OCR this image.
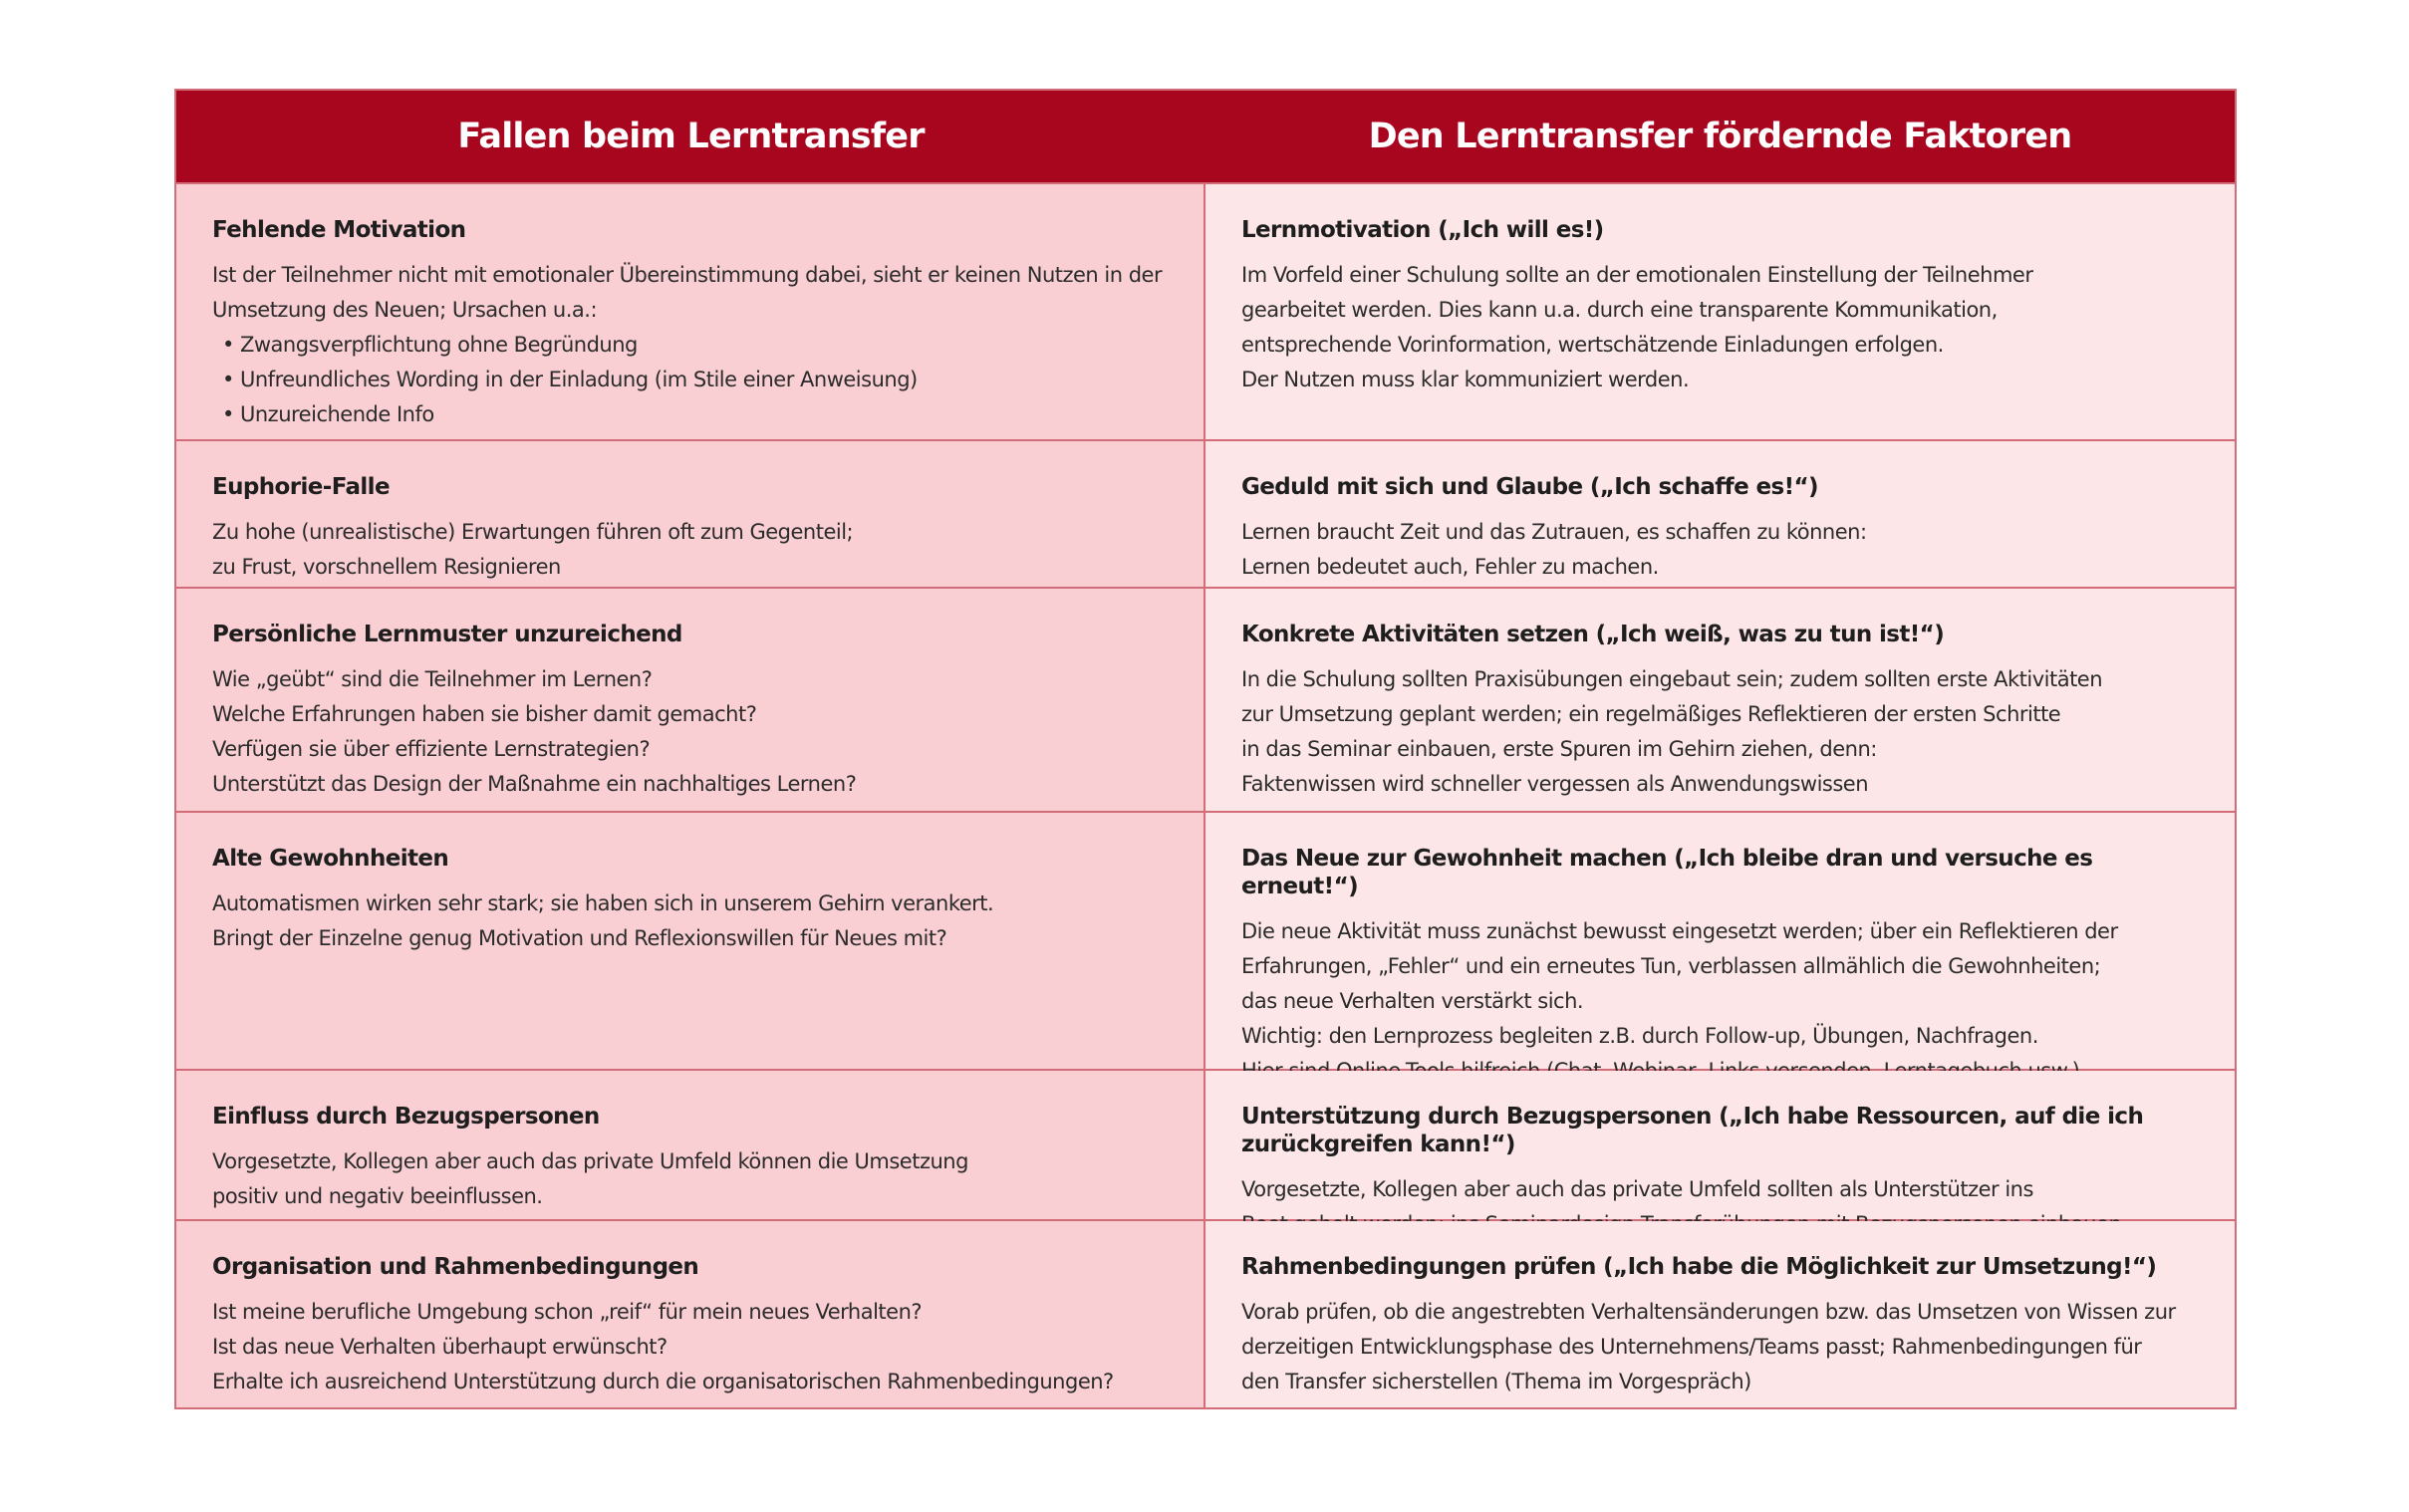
Fallen beim Lerntransfer	Den Lerntransfer fördernde Faktoren
Fehlende Motivation
Ist der Teilnehmer nicht mit emotionaler Übereinstimmung dabei, sieht er keinen Nutzen in der
Umsetzung des Neuen; Ursachen u.a.:
• Zwangsverpflichtung ohne Begründung
• Unfreundliches Wording in der Einladung (im Stile einer Anweisung)
• Unzureichende Info
Lernmotivation („Ich will es!)
Im Vorfeld einer Schulung sollte an der emotionalen Einstellung der Teilnehmer
gearbeitet werden. Dies kann u.a. durch eine transparente Kommunikation,
entsprechende Vorinformation, wertschätzende Einladungen erfolgen.
Der Nutzen muss klar kommuniziert werden.
Euphorie-Falle
Zu hohe (unrealistische) Erwartungen führen oft zum Gegenteil;
zu Frust, vorschnellem Resignieren
Geduld mit sich und Glaube („Ich schaffe es!“)
Lernen braucht Zeit und das Zutrauen, es schaffen zu können:
Lernen bedeutet auch, Fehler zu machen.
Persönliche Lernmuster unzureichend
Wie „geübt“ sind die Teilnehmer im Lernen?
Welche Erfahrungen haben sie bisher damit gemacht?
Verfügen sie über effiziente Lernstrategien?
Unterstützt das Design der Maßnahme ein nachhaltiges Lernen?
Konkrete Aktivitäten setzen („Ich weiß, was zu tun ist!“)
In die Schulung sollten Praxisübungen eingebaut sein; zudem sollten erste Aktivitäten
zur Umsetzung geplant werden; ein regelmäßiges Reflektieren der ersten Schritte
in das Seminar einbauen, erste Spuren im Gehirn ziehen, denn:
Faktenwissen wird schneller vergessen als Anwendungswissen
Alte Gewohnheiten
Automatismen wirken sehr stark; sie haben sich in unserem Gehirn verankert.
Bringt der Einzelne genug Motivation und Reflexionswillen für Neues mit?
Das Neue zur Gewohnheit machen („Ich bleibe dran und versuche es erneut!“)
Die neue Aktivität muss zunächst bewusst eingesetzt werden; über ein Reflektieren der
Erfahrungen, „Fehler“ und ein erneutes Tun, verblassen allmählich die Gewohnheiten;
das neue Verhalten verstärkt sich.
Wichtig: den Lernprozess begleiten z.B. durch Follow-up, Übungen, Nachfragen.
Einfluss durch Bezugspersonen
Vorgesetzte, Kollegen aber auch das private Umfeld können die Umsetzung
positiv und negativ beeinflussen.
Unterstützung durch Bezugspersonen („Ich habe Ressourcen, auf die ich zurückgreifen kann!“)
Vorgesetzte, Kollegen aber auch das private Umfeld sollten als Unterstützer ins
Organisation und Rahmenbedingungen
Ist meine berufliche Umgebung schon „reif“ für mein neues Verhalten?
Ist das neue Verhalten überhaupt erwünscht?
Erhalte ich ausreichend Unterstützung durch die organisatorischen Rahmenbedingungen?
Rahmenbedingungen prüfen („Ich habe die Möglichkeit zur Umsetzung!“)
Vorab prüfen, ob die angestrebten Verhaltensänderungen bzw. das Umsetzen von Wissen zur
derzeitigen Entwicklungsphase des Unternehmens/Teams passt; Rahmenbedingungen für
den Transfer sicherstellen (Thema im Vorgespräch)
